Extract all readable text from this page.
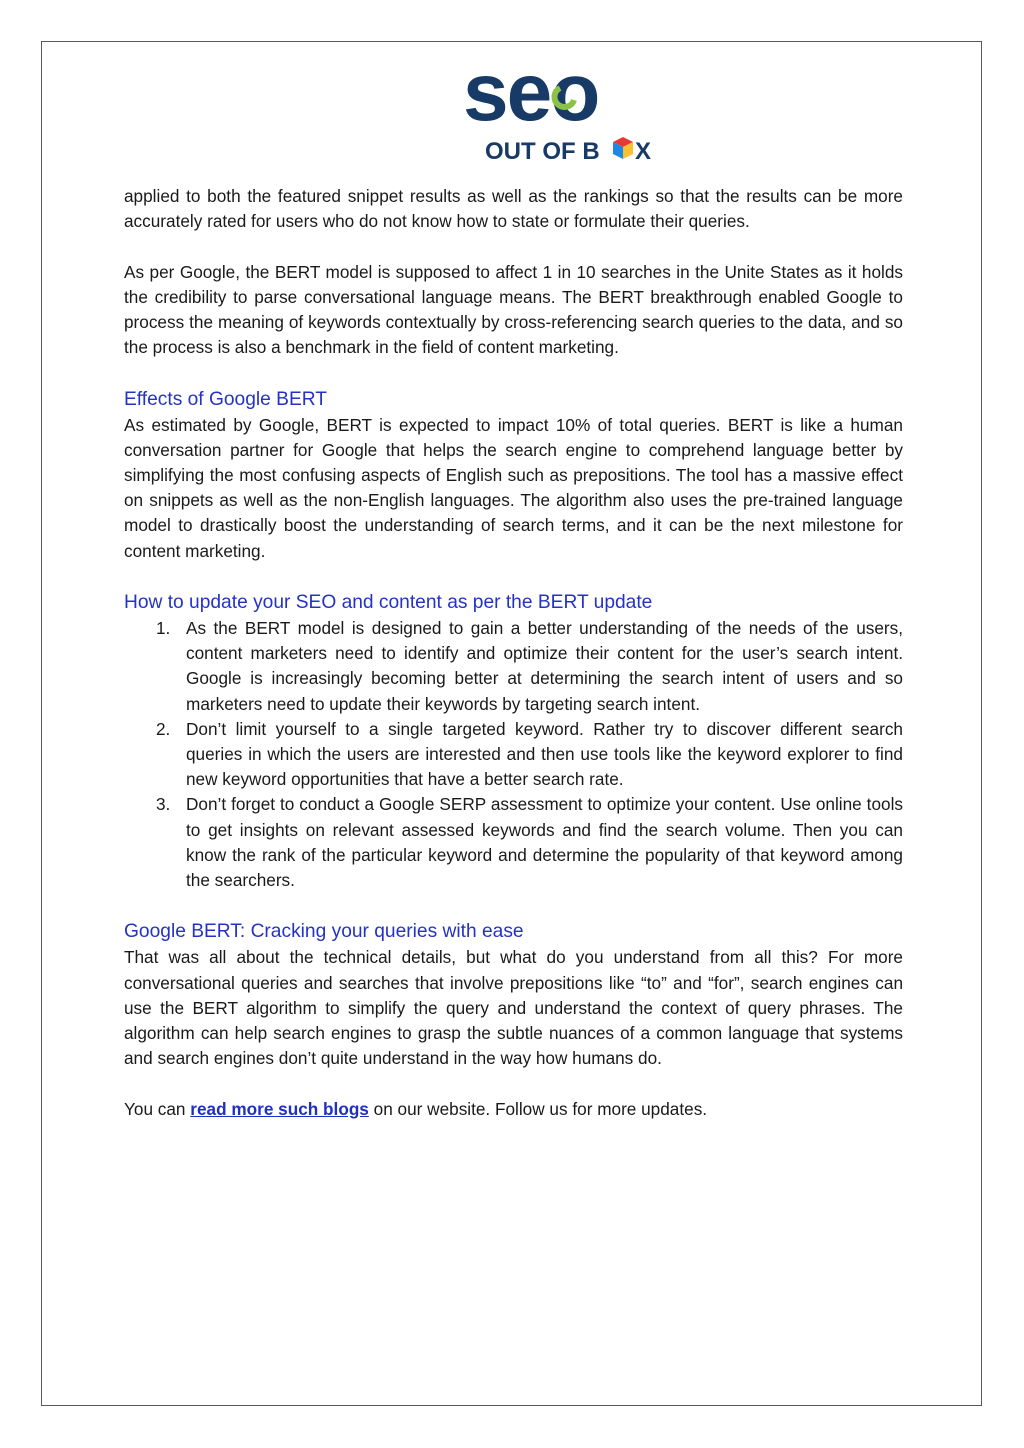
seo
OUT OF B X

applied to both the featured snippet results as well as the rankings so that the results can be more accurately rated for users who do not know how to state or formulate their queries.

As per Google, the BERT model is supposed to affect 1 in 10 searches in the Unite States as it holds the credibility to parse conversational language means. The BERT breakthrough enabled Google to process the meaning of keywords contextually by cross-referencing search queries to the data, and so the process is also a benchmark in the field of content marketing.

Effects of Google BERT

As estimated by Google, BERT is expected to impact 10% of total queries. BERT is like a human conversation partner for Google that helps the search engine to comprehend language better by simplifying the most confusing aspects of English such as prepositions. The tool has a massive effect on snippets as well as the non-English languages. The algorithm also uses the pre-trained language model to drastically boost the understanding of search terms, and it can be the next milestone for content marketing.

How to update your SEO and content as per the BERT update
1. As the BERT model is designed to gain a better understanding of the needs of the users, content marketers need to identify and optimize their content for the user’s search intent. Google is increasingly becoming better at determining the search intent of users and so marketers need to update their keywords by targeting search intent.
2. Don’t limit yourself to a single targeted keyword. Rather try to discover different search queries in which the users are interested and then use tools like the keyword explorer to find new keyword opportunities that have a better search rate.
3. Don’t forget to conduct a Google SERP assessment to optimize your content. Use online tools to get insights on relevant assessed keywords and find the search volume. Then you can know the rank of the particular keyword and determine the popularity of that keyword among the searchers.
Google BERT: Cracking your queries with ease

That was all about the technical details, but what do you understand from all this? For more conversational queries and searches that involve prepositions like “to” and “for”, search engines can use the BERT algorithm to simplify the query and understand the context of query phrases. The algorithm can help search engines to grasp the subtle nuances of a common language that systems and search engines don’t quite understand in the way how humans do.

You can read more such blogs on our website. Follow us for more updates.
